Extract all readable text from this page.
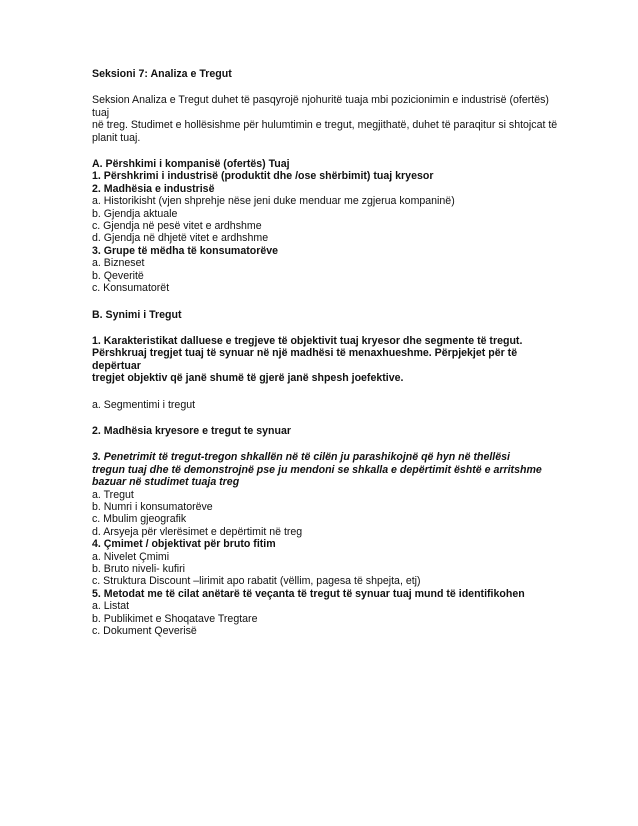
Seksioni 7: Analiza e Tregut

Seksion Analiza e Tregut duhet të pasqyrojë njohuritë tuaja mbi pozicionimin e industrisë (ofertës) tuaj

në treg. Studimet e hollësishme për hulumtimin e tregut, megjithatë, duhet të paraqitur si shtojcat të

planit tuaj.

A. Përshkimi i kompanisë (ofertës) Tuaj

1. Përshkrimi i industrisë (produktit dhe /ose shërbimit) tuaj kryesor

2. Madhësia e industrisë

a. Historikisht (vjen shprehje nëse jeni duke menduar me zgjerua kompaninë)

b. Gjendja aktuale

c. Gjendja në pesë vitet e ardhshme

d. Gjendja në dhjetë vitet e ardhshme

3. Grupe të mëdha të konsumatorëve

a. Bizneset

b. Qeveritë

c. Konsumatorët

B. Synimi i Tregut

1. Karakteristikat dalluese e tregjeve të objektivit tuaj kryesor dhe segmente të tregut.

Përshkruaj tregjet tuaj të synuar në një madhësi të menaxhueshme. Përpjekjet për të depërtuar

tregjet objektiv që janë shumë të gjerë janë shpesh joefektive.

a. Segmentimi i tregut

2. Madhësia kryesore e tregut te synuar

3. Penetrimit të tregut-tregon shkallën në të cilën ju parashikojnë që hyn në thellësi

tregun tuaj dhe të demonstrojnë pse ju mendoni se shkalla e depërtimit është e arritshme

bazuar në studimet tuaja treg

a. Tregut

b. Numri i konsumatorëve

c. Mbulim gjeografik

d. Arsyeja për vlerësimet e depërtimit në treg

4. Çmimet / objektivat për bruto fitim

a. Nivelet Çmimi

b. Bruto niveli- kufiri

c. Struktura Discount –lirimit apo rabatit (vëllim, pagesa të shpejta, etj)

5. Metodat me të cilat anëtarë të veçanta të tregut të synuar tuaj mund të identifikohen

a. Listat

b. Publikimet e Shoqatave Tregtare

c. Dokument Qeverisë
